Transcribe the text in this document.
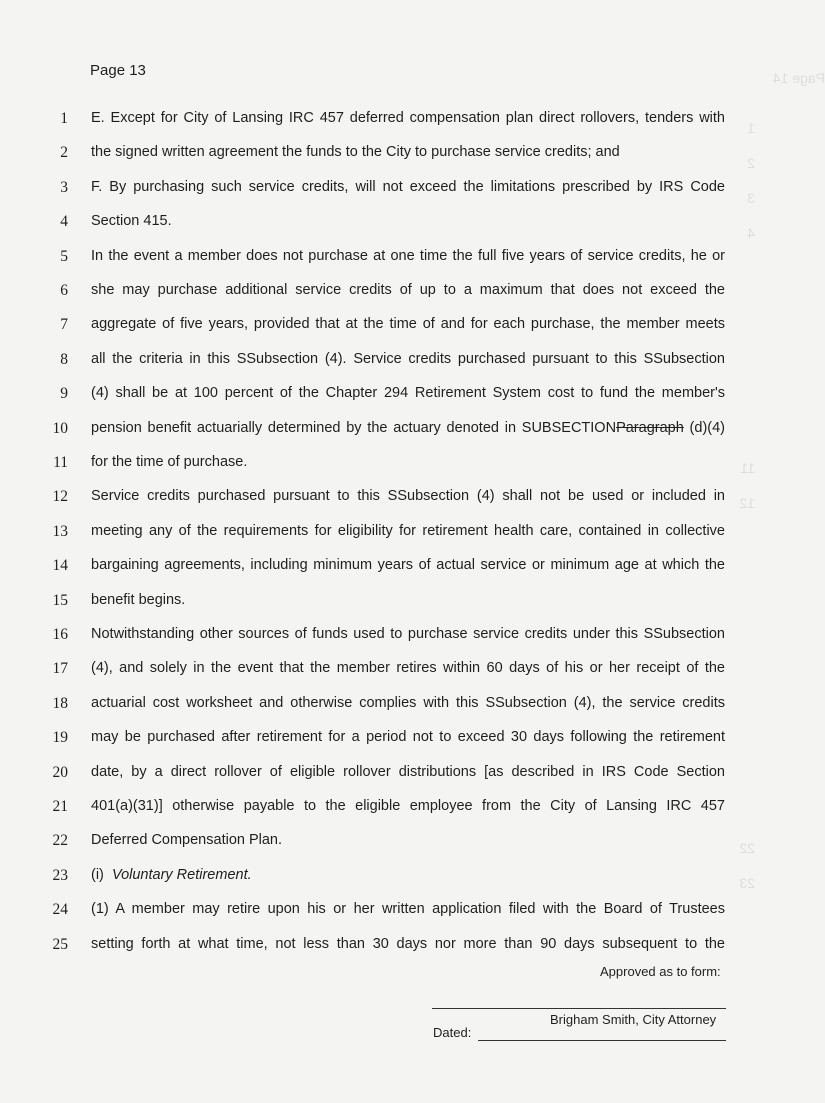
Page 14
1
2
3
4
11
12
22
23
Page 13
1 E. Except for City of Lansing IRC 457 deferred compensation plan direct rollovers, tenders with
2 the signed written agreement the funds to the City to purchase service credits; and
3 F. By purchasing such service credits, will not exceed the limitations prescribed by IRS Code
4 Section 415.
5 In the event a member does not purchase at one time the full five years of service credits, he or
6 she may purchase additional service credits of up to a maximum that does not exceed the
7 aggregate of five years, provided that at the time of and for each purchase, the member meets
8 all the criteria in this SSubsection (4). Service credits purchased pursuant to this SSubsection
9 (4) shall be at 100 percent of the Chapter 294 Retirement System cost to fund the member's
10 pension benefit actuarially determined by the actuary denoted in SUBSECTIONParagraph (d)(4)
11 for the time of purchase.
12 Service credits purchased pursuant to this SSubsection (4) shall not be used or included in
13 meeting any of the requirements for eligibility for retirement health care, contained in collective
14 bargaining agreements, including minimum years of actual service or minimum age at which the
15 benefit begins.
16 Notwithstanding other sources of funds used to purchase service credits under this SSubsection
17 (4), and solely in the event that the member retires within 60 days of his or her receipt of the
18 actuarial cost worksheet and otherwise complies with this SSubsection (4), the service credits
19 may be purchased after retirement for a period not to exceed 30 days following the retirement
20 date, by a direct rollover of eligible rollover distributions [as described in IRS Code Section
21 401(a)(31)] otherwise payable to the eligible employee from the City of Lansing IRC 457
22 Deferred Compensation Plan.
23 (i)  Voluntary Retirement.
24 (1) A member may retire upon his or her written application filed with the Board of Trustees
25 setting forth at what time, not less than 30 days nor more than 90 days subsequent to the
Approved as to form:
Brigham Smith, City Attorney
Dated:
